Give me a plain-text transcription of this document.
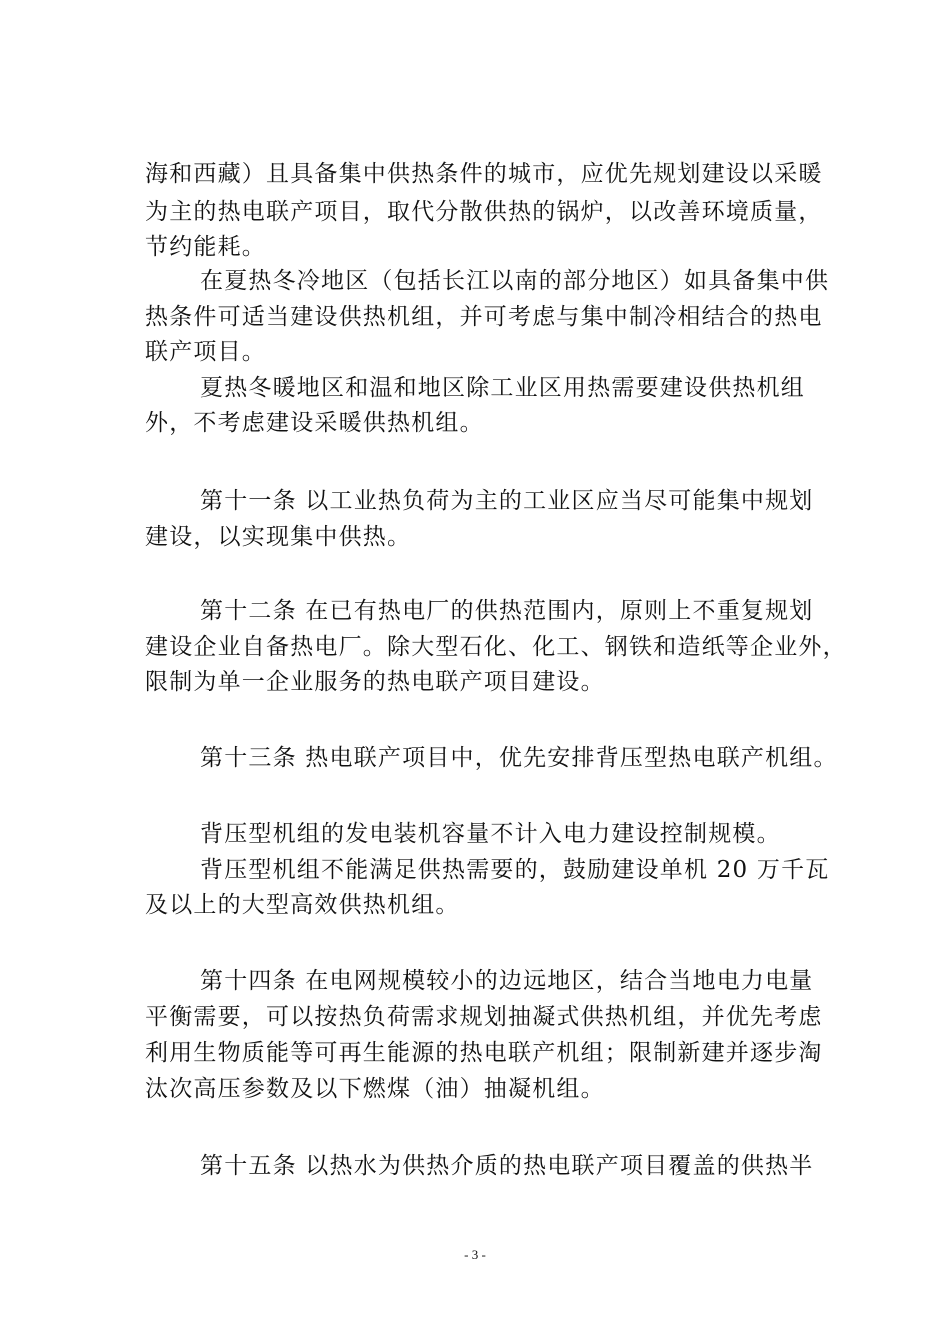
海和西藏）且具备集中供热条件的城市，应优先规划建设以采暖
为主的热电联产项目，取代分散供热的锅炉，以改善环境质量，
节约能耗。
在夏热冬冷地区（包括长江以南的部分地区）如具备集中供
热条件可适当建设供热机组，并可考虑与集中制冷相结合的热电
联产项目。
夏热冬暖地区和温和地区除工业区用热需要建设供热机组
外，不考虑建设采暖供热机组。
第十一条 以工业热负荷为主的工业区应当尽可能集中规划
建设，以实现集中供热。
第十二条 在已有热电厂的供热范围内，原则上不重复规划
建设企业自备热电厂。除大型石化、化工、钢铁和造纸等企业外，
限制为单一企业服务的热电联产项目建设。
第十三条 热电联产项目中，优先安排背压型热电联产机组。
背压型机组的发电装机容量不计入电力建设控制规模。
背压型机组不能满足供热需要的，鼓励建设单机 20 万千瓦
及以上的大型高效供热机组。
第十四条 在电网规模较小的边远地区，结合当地电力电量
平衡需要，可以按热负荷需求规划抽凝式供热机组，并优先考虑
利用生物质能等可再生能源的热电联产机组；限制新建并逐步淘
汰次高压参数及以下燃煤（油）抽凝机组。
第十五条 以热水为供热介质的热电联产项目覆盖的供热半
- 3 -
